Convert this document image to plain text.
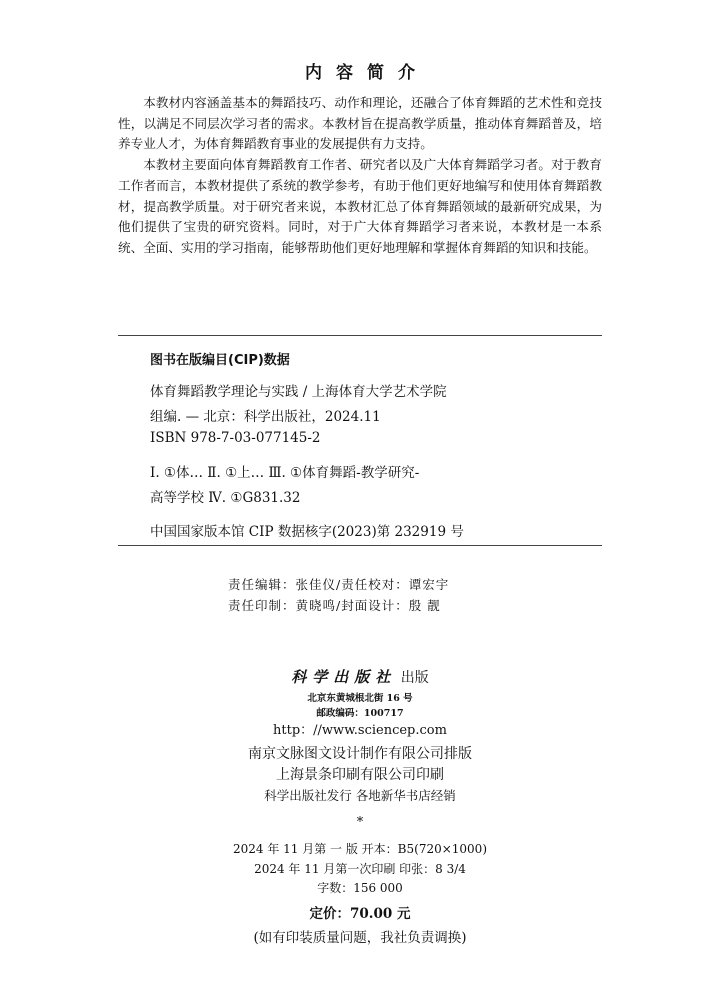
内容简介

本教材内容涵盖基本的舞蹈技巧、动作和理论，还融合了体育舞蹈的艺术性和竞技性，以满足不同层次学习者的需求。本教材旨在提高教学质量，推动体育舞蹈普及，培养专业人才，为体育舞蹈教育事业的发展提供有力支持。

本教材主要面向体育舞蹈教育工作者、研究者以及广大体育舞蹈学习者。对于教育工作者而言，本教材提供了系统的教学参考，有助于他们更好地编写和使用体育舞蹈教材，提高教学质量。对于研究者来说，本教材汇总了体育舞蹈领域的最新研究成果，为他们提供了宝贵的研究资料。同时，对于广大体育舞蹈学习者来说，本教材是一本系统、全面、实用的学习指南，能够帮助他们更好地理解和掌握体育舞蹈的知识和技能。

图书在版编目(CIP)数据
体育舞蹈教学理论与实践 / 上海体育大学艺术学院
组编. — 北京：科学出版社，2024.11
ISBN 978-7-03-077145-2
Ⅰ. ①体… Ⅱ. ①上… Ⅲ. ①体育舞蹈-教学研究-
高等学校 Ⅳ. ①G831.32
中国国家版本馆 CIP 数据核字(2023)第 232919 号
责任编辑：张佳仪/责任校对：谭宏宇
责任印制：黄晓鸣/封面设计：殷 靓
科学出版社 出版
北京东黄城根北街 16 号
邮政编码：100717
http：//www.sciencep.com
南京文脉图文设计制作有限公司排版
上海景条印刷有限公司印刷
科学出版社发行 各地新华书店经销
*
2024 年 11 月第 一 版 开本：B5(720×1000)
2024 年 11 月第一次印刷 印张：8 3/4
字数：156 000
定价：70.00 元
(如有印装质量问题，我社负责调换)
